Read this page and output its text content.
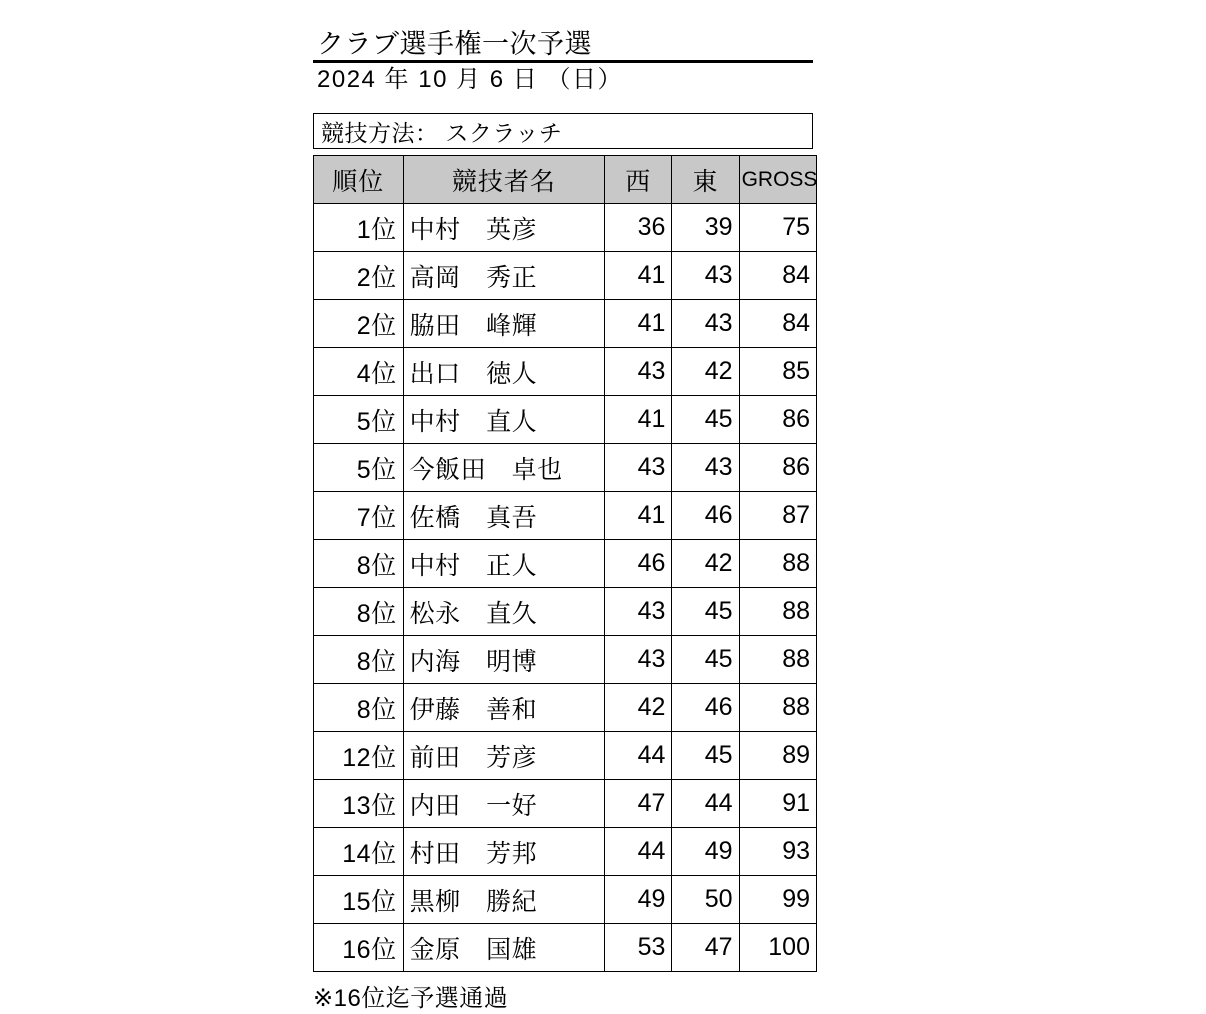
クラブ選手権一次予選
2024 年 10 月 6 日 （日）
競技方法： スクラッチ
順位	競技者名	西	東	GROSS
1位	中村　英彦	36	39	75
2位	高岡　秀正	41	43	84
2位	脇田　峰輝	41	43	84
4位	出口　徳人	43	42	85
5位	中村　直人	41	45	86
5位	今飯田　卓也	43	43	86
7位	佐橋　真吾	41	46	87
8位	中村　正人	46	42	88
8位	松永　直久	43	45	88
8位	内海　明博	43	45	88
8位	伊藤　善和	42	46	88
12位	前田　芳彦	44	45	89
13位	内田　一好	47	44	91
14位	村田　芳邦	44	49	93
15位	黒柳　勝紀	49	50	99
16位	金原　国雄	53	47	100
※16位迄予選通過
